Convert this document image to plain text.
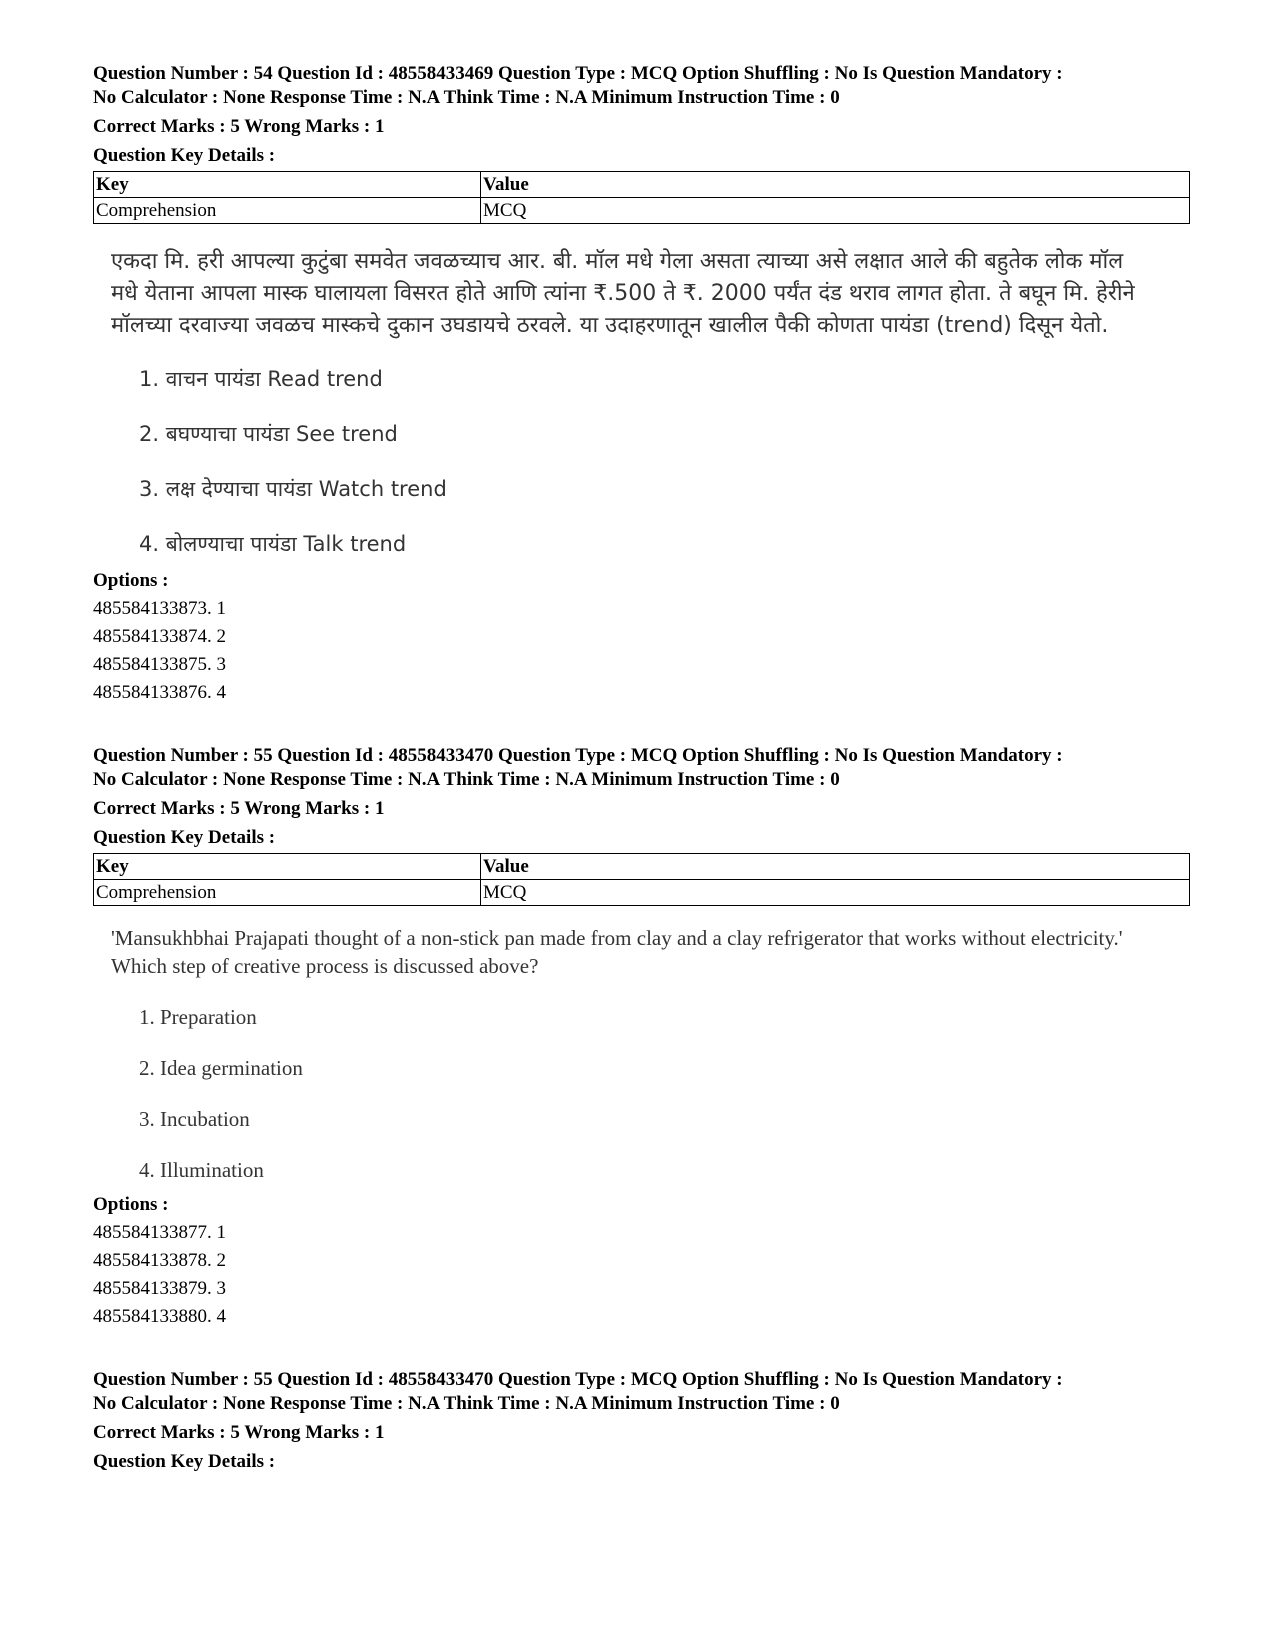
Question Number : 54 Question Id : 48558433469 Question Type : MCQ Option Shuffling : No Is Question Mandatory :
No Calculator : None Response Time : N.A Think Time : N.A Minimum Instruction Time : 0
Correct Marks : 5 Wrong Marks : 1
Question Key Details :
Key	Value
Comprehension	MCQ
एकदा मि. हरी आपल्या कुटुंबा समवेत जवळच्याच आर. बी. मॉल मधे गेला असता त्याच्या असे लक्षात आले की बहुतेक लोक मॉल मधे येताना आपला मास्क घालायला विसरत होते आणि त्यांना ₹.500 ते ₹. 2000 पर्यंत दंड थराव लागत होता. ते बघून मि. हेरीने मॉलच्या दरवाज्या जवळच मास्कचे दुकान उघडायचे ठरवले. या उदाहरणातून खालील पैकी कोणता पायंडा (trend) दिसून येतो.
1. वाचन पायंडा Read trend
2. बघण्याचा पायंडा See trend
3. लक्ष देण्याचा पायंडा Watch trend
4. बोलण्याचा पायंडा Talk trend
Options :
485584133873. 1
485584133874. 2
485584133875. 3
485584133876. 4
Question Number : 55 Question Id : 48558433470 Question Type : MCQ Option Shuffling : No Is Question Mandatory :
No Calculator : None Response Time : N.A Think Time : N.A Minimum Instruction Time : 0
Correct Marks : 5 Wrong Marks : 1
Question Key Details :
Key	Value
Comprehension	MCQ
'Mansukhbhai Prajapati thought of a non-stick pan made from clay and a clay refrigerator that works without electricity.' Which step of creative process is discussed above?
1. Preparation
2. Idea germination
3. Incubation
4. Illumination
Options :
485584133877. 1
485584133878. 2
485584133879. 3
485584133880. 4
Question Number : 55 Question Id : 48558433470 Question Type : MCQ Option Shuffling : No Is Question Mandatory :
No Calculator : None Response Time : N.A Think Time : N.A Minimum Instruction Time : 0
Correct Marks : 5 Wrong Marks : 1
Question Key Details :
